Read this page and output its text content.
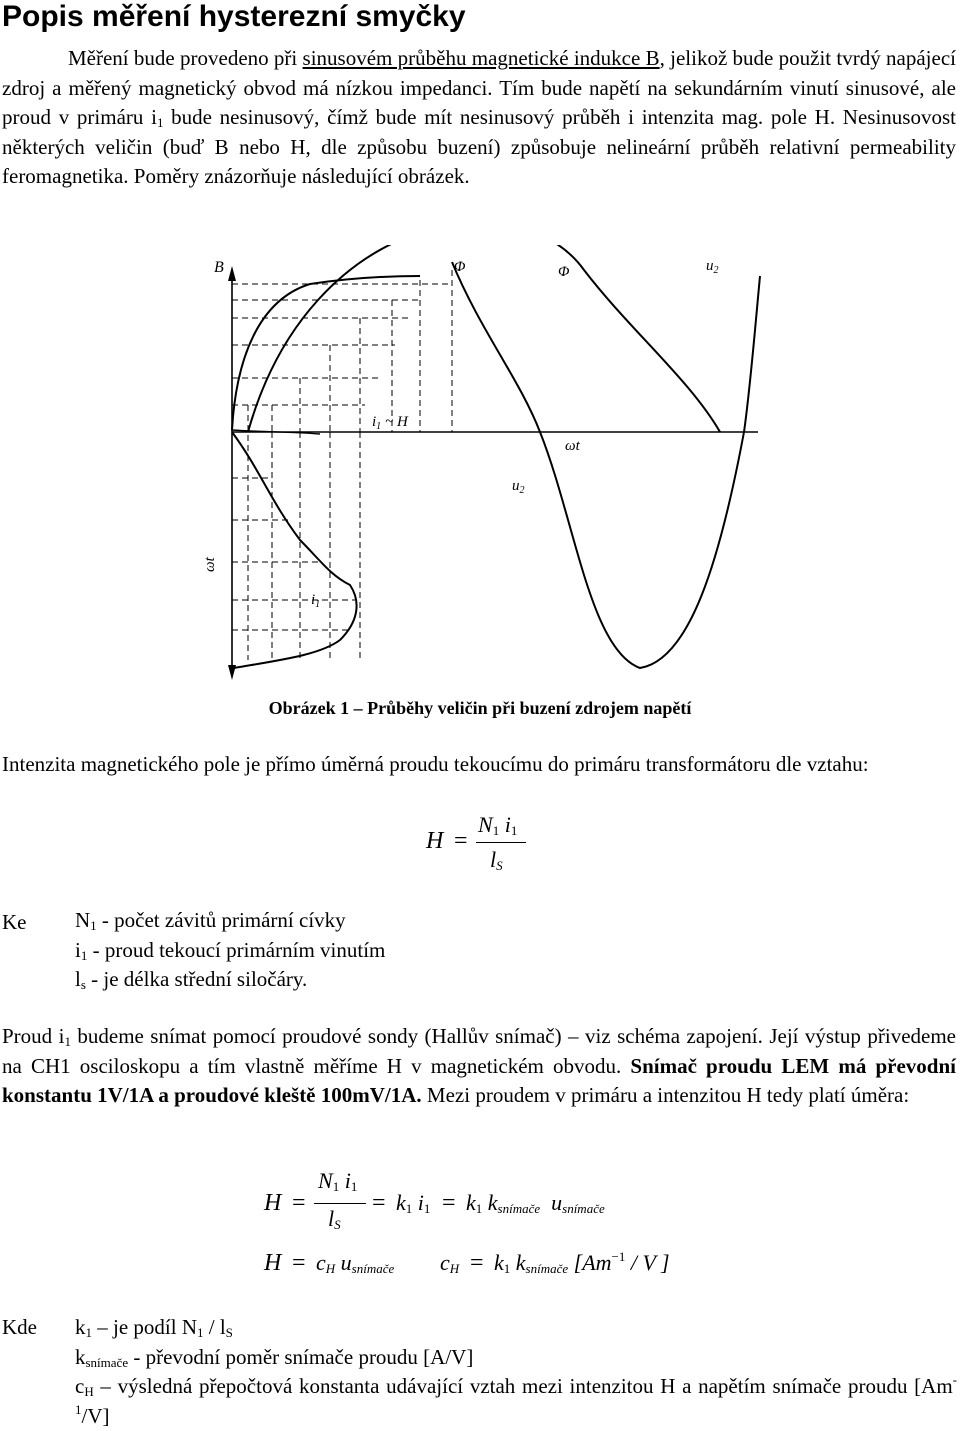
Popis měření hysterezní smyčky

Měření bude provedeno při sinusovém průběhu magnetické indukce B, jelikož bude použit tvrdý napájecí zdroj a měřený magnetický obvod má nízkou impedanci. Tím bude napětí na sekundárním vinutí sinusové, ale proud v primáru $i_1$ bude nesinusový, čímž bude mít nesinusový průběh i intenzita mag. pole H. Nesinusovost některých veličin (buď B nebo H, dle způsobu buzení) způsobuje nelineární průběh relativní permeability feromagnetika. Poměry znázorňuje následující obrázek.

B	Φ	Φ	$u_2$
$i_1$ ~ H
ωt
$u_2$
ωt
$i_1$
Obrázek 1 – Průběhy veličin při buzení zdrojem napětí

Intenzita magnetického pole je přímo úměrná proudu tekoucímu do primáru transformátoru dle vztahu:

H =
$N_1$ $i_1$
$l_S$
Ke $N_1$ - počet závitů primární cívky
$i_1$ - proud tekoucí primárním vinutím
$l_s$ - je délka střední siločáry.

Proud $i_1$ budeme snímat pomocí proudové sondy (Hallův snímač) – viz schéma zapojení. Její výstup přivedeme na CH1 osciloskopu a tím vlastně měříme H v magnetickém obvodu. Snímač proudu LEM má převodní konstantu 1V/1A a proudové kleště 100mV/1A. Mezi proudem v primáru a intenzitou H tedy platí úměra:

H =
$N_1$ $i_1$
$l_S$
= $k_1$ $i_1 = k_1$ $k_{snímače}$ $u_{snímače}$
$H = c_H$ $u_{snímače}$ $c_H = k_1$ $k_{snímače}$ [$Am^{-1}$ / V ]
Kde $k_1$ – je podíl $N_1 / l_S$
$k_{snímače}$ - převodní poměr snímače proudu [A/V]
$c_H$ – výsledná přepočtová konstanta udávající vztah mezi intenzitou H a napětím snímače proudu $[Am^{-1}/V]$
